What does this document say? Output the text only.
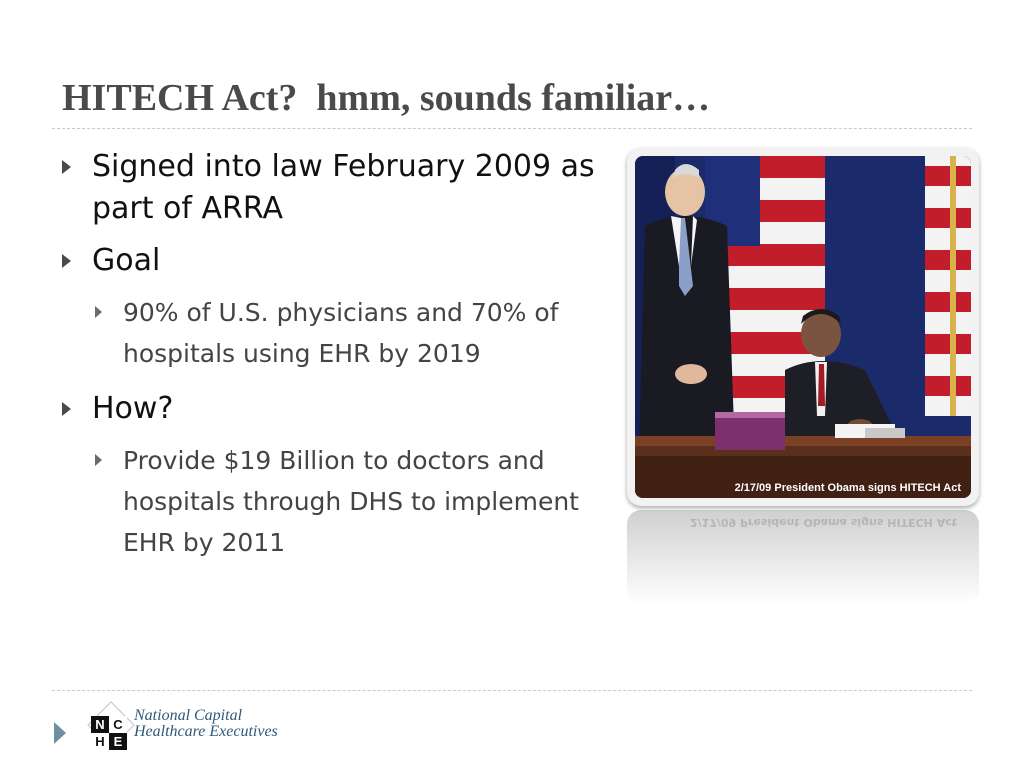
HITECH Act?  hmm, sounds familiar…
Signed into law February 2009 as part of ARRA
Goal
90% of U.S. physicians and 70% of hospitals using EHR by 2019
How?
Provide $19 Billion to doctors and hospitals through DHS to implement EHR by 2011
2/17/09 President Obama signs HITECH Act
2/17/09 President Obama signs HITECH Act
N C
H E
National Capital
Healthcare Executives
